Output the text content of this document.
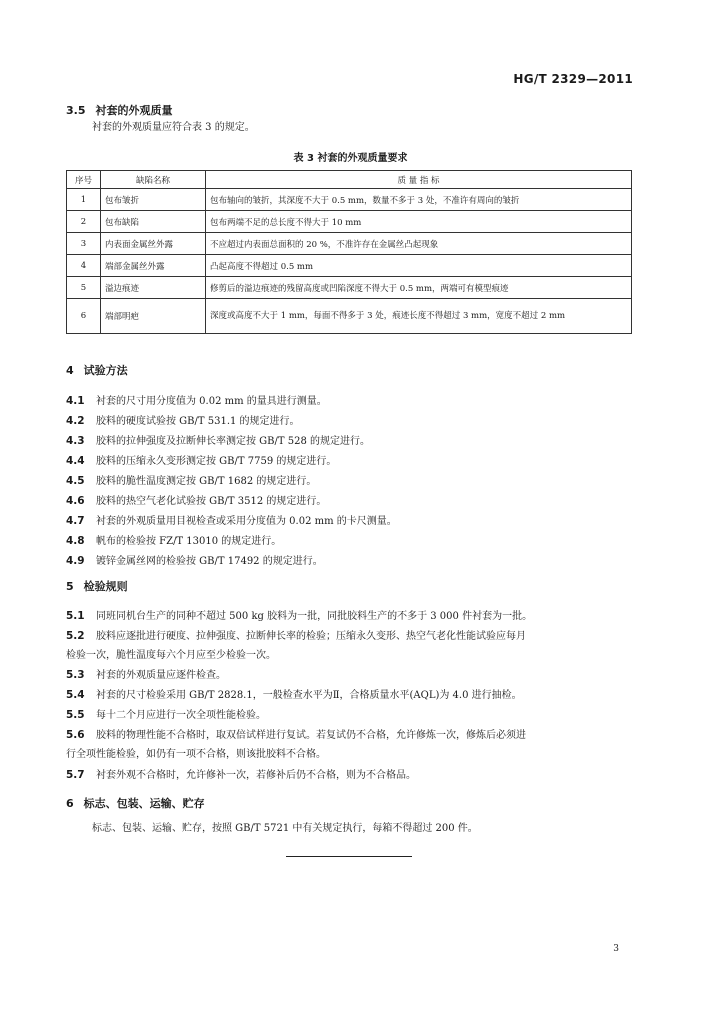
HG/T 2329—2011
3.5 衬套的外观质量
衬套的外观质量应符合表 3 的规定。
表 3 衬套的外观质量要求
序号	缺陷名称	质 量 指 标
1	包布皱折	包布轴向的皱折，其深度不大于 0.5 mm，数量不多于 3 处，不准许有周向的皱折
2	包布缺陷	包布两端不足的总长度不得大于 10 mm
3	内表面金属丝外露	不应超过内表面总面积的 20 %，不准许存在金属丝凸起现象
4	端部金属丝外露	凸起高度不得超过 0.5 mm
5	溢边痕迹	修剪后的溢边痕迹的残留高度或凹陷深度不得大于 0.5 mm，两端可有模型痕迹
6	端部明疤	深度或高度不大于 1 mm，每面不得多于 3 处，痕迹长度不得超过 3 mm，宽度不超过 2 mm
4 试验方法
4.1 衬套的尺寸用分度值为 0.02 mm 的量具进行测量。
4.2 胶料的硬度试验按 GB/T 531.1 的规定进行。
4.3 胶料的拉伸强度及拉断伸长率测定按 GB/T 528 的规定进行。
4.4 胶料的压缩永久变形测定按 GB/T 7759 的规定进行。
4.5 胶料的脆性温度测定按 GB/T 1682 的规定进行。
4.6 胶料的热空气老化试验按 GB/T 3512 的规定进行。
4.7 衬套的外观质量用目视检查或采用分度值为 0.02 mm 的卡尺测量。
4.8 帆布的检验按 FZ/T 13010 的规定进行。
4.9 镀锌金属丝网的检验按 GB/T 17492 的规定进行。
5 检验规则
5.1 同班同机台生产的同种不超过 500 kg 胶料为一批，同批胶料生产的不多于 3 000 件衬套为一批。
5.2 胶料应逐批进行硬度、拉伸强度、拉断伸长率的检验；压缩永久变形、热空气老化性能试验应每月
检验一次，脆性温度每六个月应至少检验一次。
5.3 衬套的外观质量应逐件检查。
5.4 衬套的尺寸检验采用 GB/T 2828.1，一般检查水平为Ⅱ，合格质量水平(AQL)为 4.0 进行抽检。
5.5 每十二个月应进行一次全项性能检验。
5.6 胶料的物理性能不合格时，取双倍试样进行复试。若复试仍不合格，允许修炼一次，修炼后必须进
行全项性能检验，如仍有一项不合格，则该批胶料不合格。
5.7 衬套外观不合格时，允许修补一次，若修补后仍不合格，则为不合格品。
6 标志、包装、运输、贮存
标志、包装、运输、贮存，按照 GB/T 5721 中有关规定执行，每箱不得超过 200 件。
3
